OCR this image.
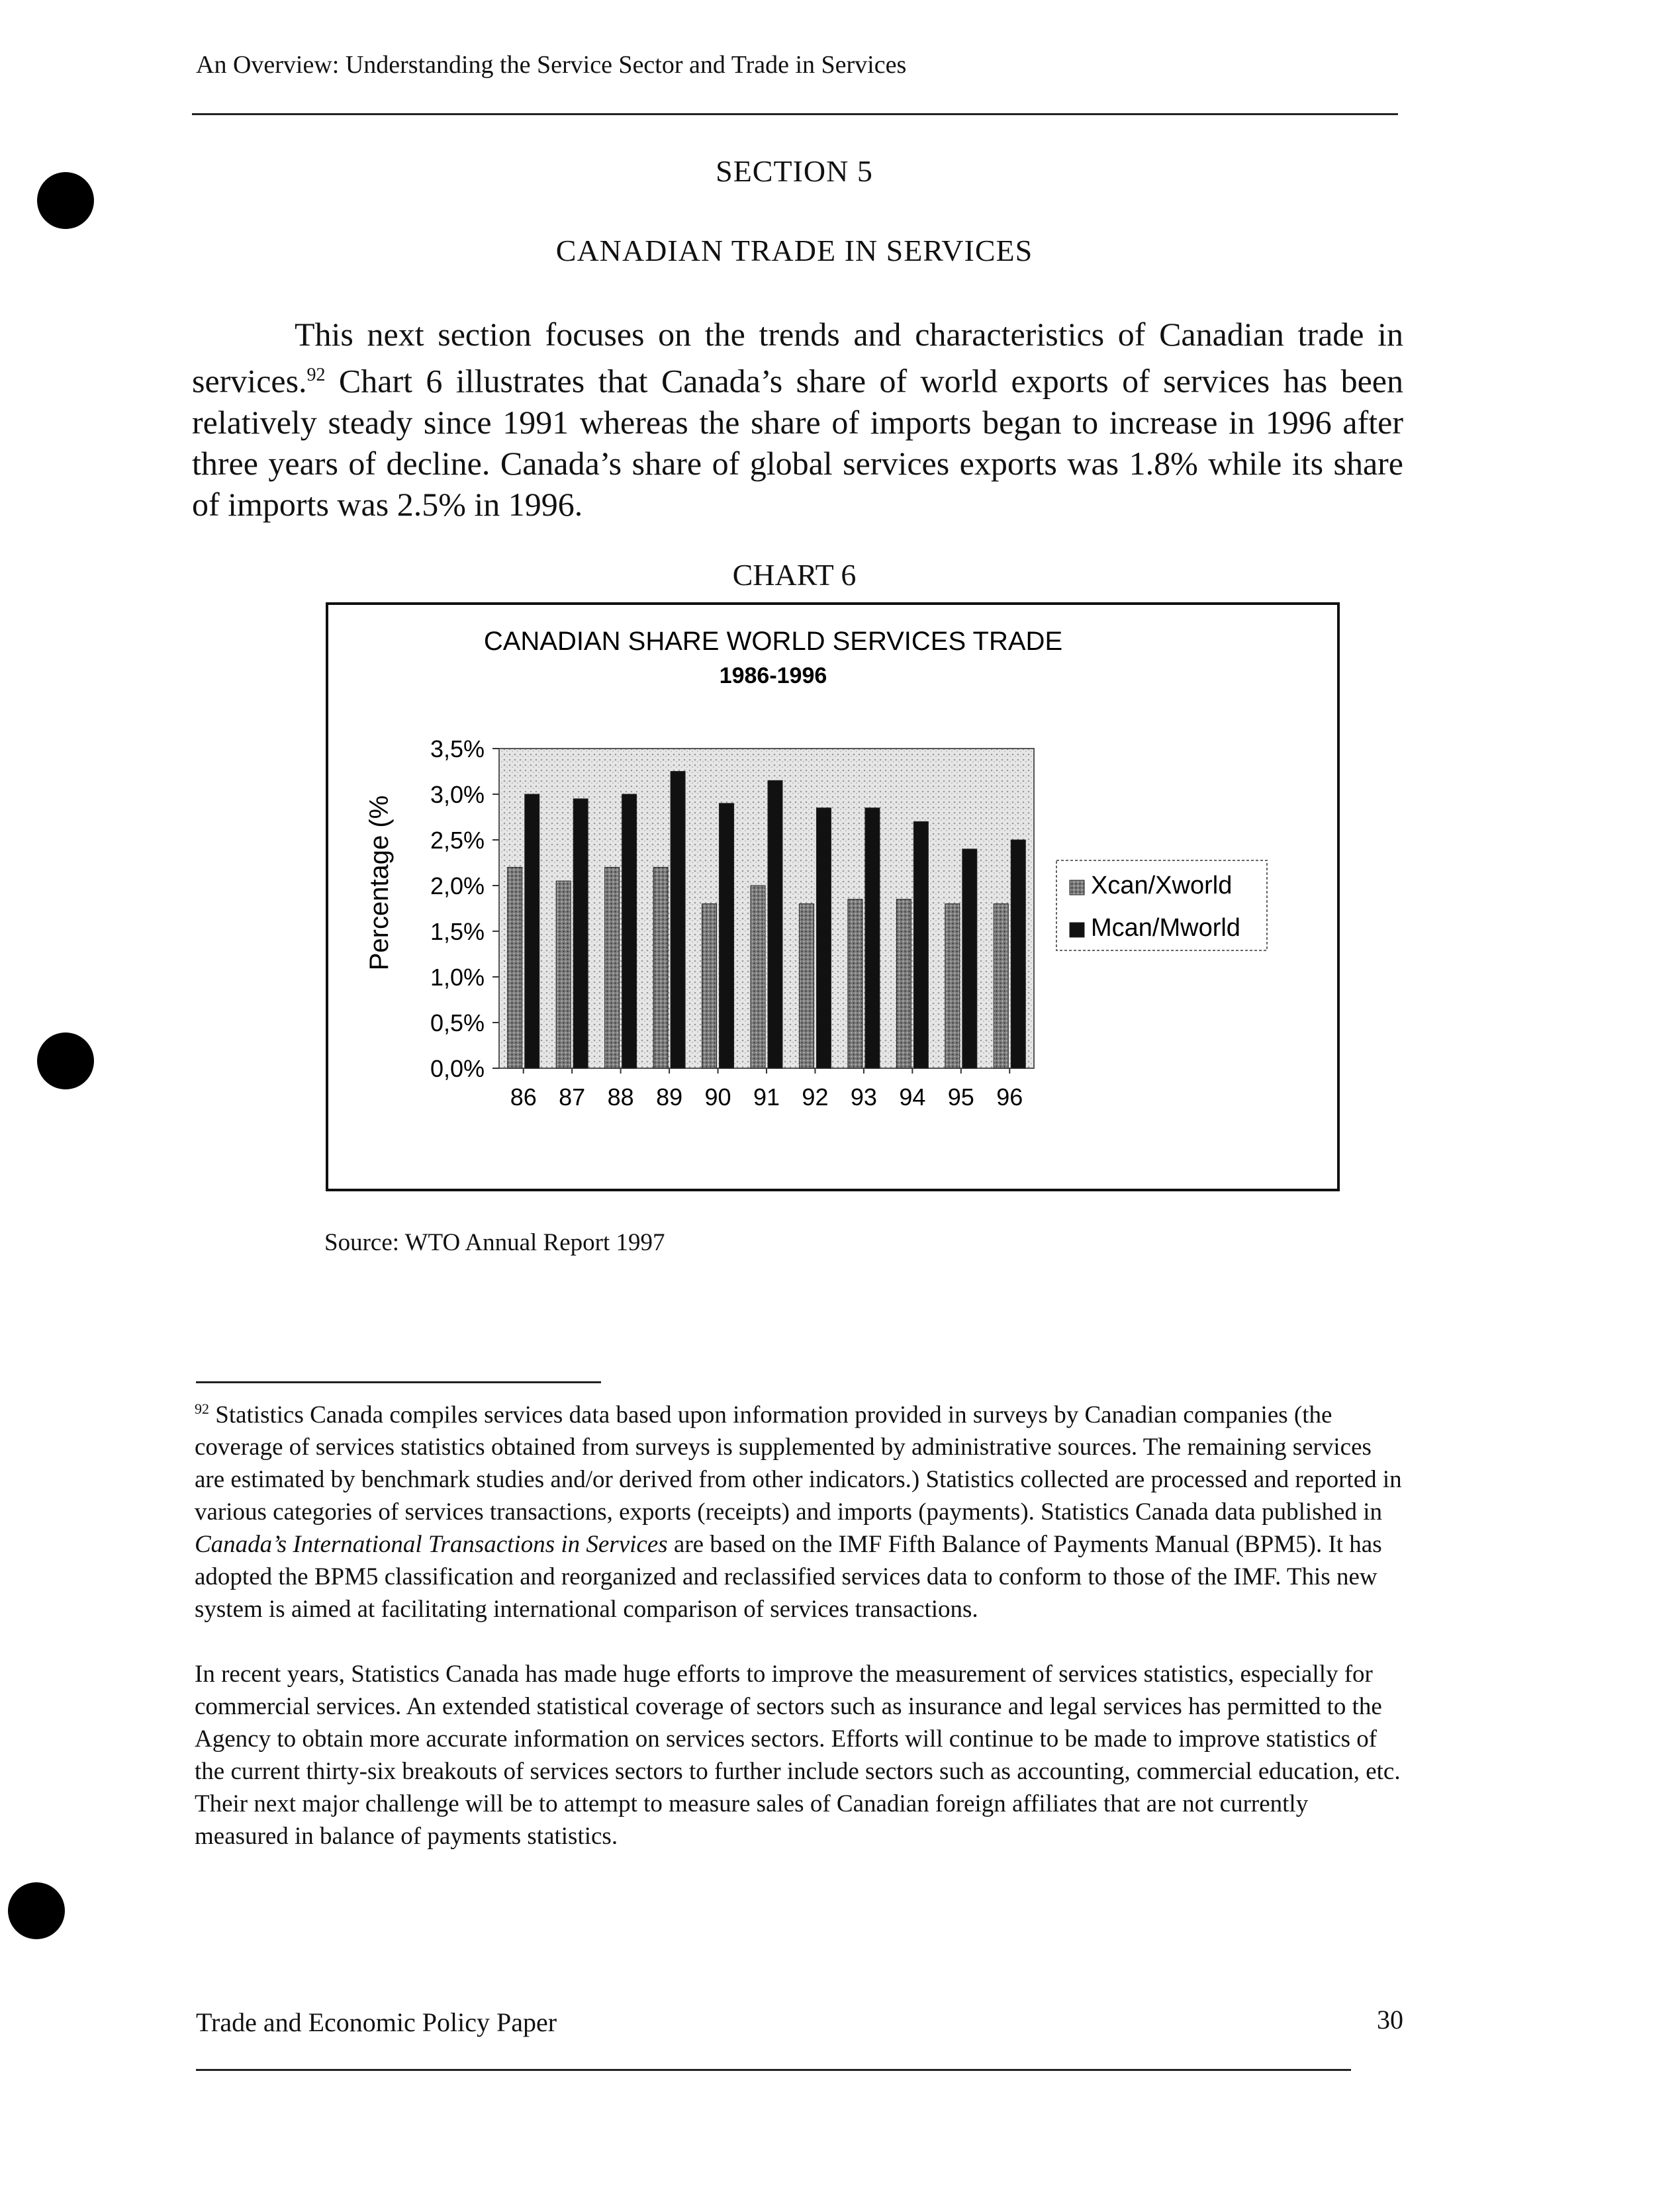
An Overview: Understanding the Service Sector and Trade in Services
SECTION 5
CANADIAN TRADE IN SERVICES
This next section focuses on the trends and characteristics of Canadian trade in services.$^{92}$ Chart 6 illustrates that Canada’s share of world exports of services has been relatively steady since 1991 whereas the share of imports began to increase in 1996 after three years of decline. Canada’s share of global services exports was 1.8% while its share of imports was 2.5% in 1996.
CHART 6
CANADIAN SHARE WORLD SERVICES TRADE
1986-1996
Percentage (%
0,0%
0,5%
1,0%
1,5%
2,0%
2,5%
3,0%
3,5%
86 87 88 89 90 91 92 93 94 95 96
Xcan/Xworld
Mcan/Mworld
Source: WTO Annual Report 1997

$^{92}$ Statistics Canada compiles services data based upon information provided in surveys by Canadian companies (the coverage of services statistics obtained from surveys is supplemented by administrative sources. The remaining services are estimated by benchmark studies and/or derived from other indicators.) Statistics collected are processed and reported in various categories of services transactions, exports (receipts) and imports (payments). Statistics Canada data published in Canada’s International Transactions in Services are based on the IMF Fifth Balance of Payments Manual (BPM5). It has adopted the BPM5 classification and reorganized and reclassified services data to conform to those of the IMF. This new system is aimed at facilitating international comparison of services transactions.

In recent years, Statistics Canada has made huge efforts to improve the measurement of services statistics, especially for commercial services. An extended statistical coverage of sectors such as insurance and legal services has permitted to the Agency to obtain more accurate information on services sectors. Efforts will continue to be made to improve statistics of the current thirty-six breakouts of services sectors to further include sectors such as accounting, commercial education, etc. Their next major challenge will be to attempt to measure sales of Canadian foreign affiliates that are not currently measured in balance of payments statistics.

Trade and Economic Policy Paper	30
